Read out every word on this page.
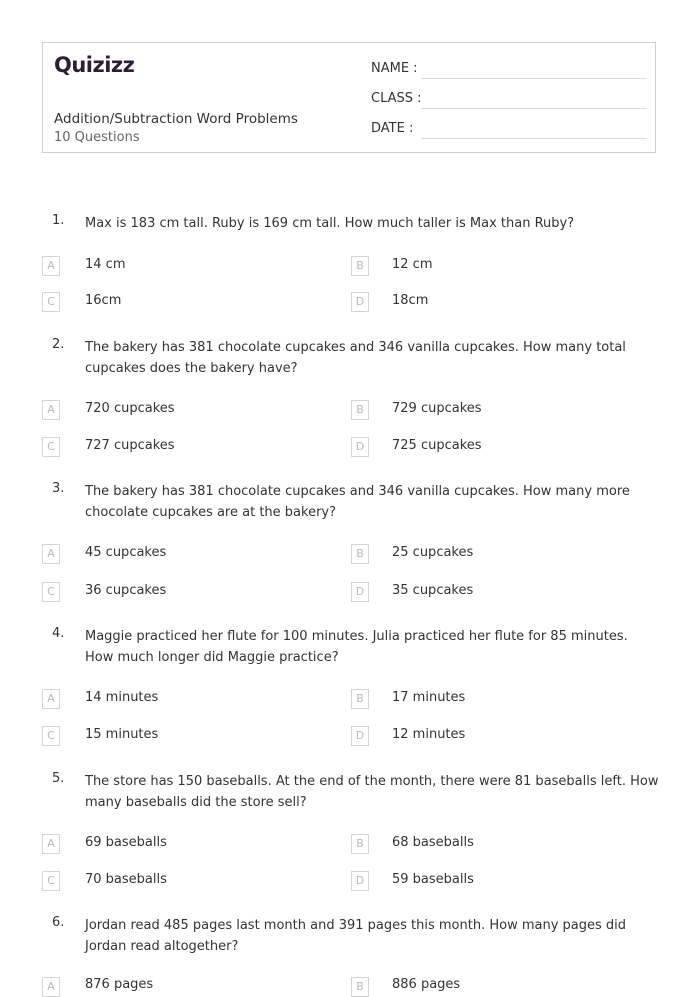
Quizizz
Addition/Subtraction Word Problems
10 Questions
NAME :
CLASS :
DATE :
1. Max is 183 cm tall. Ruby is 169 cm tall. How much taller is Max than Ruby?
A	14 cm	B	12 cm
C	16cm	D	18cm
2. The bakery has 381 chocolate cupcakes and 346 vanilla cupcakes. How many total cupcakes does the bakery have?
A	720 cupcakes	B	729 cupcakes
C	727 cupcakes	D	725 cupcakes
3. The bakery has 381 chocolate cupcakes and 346 vanilla cupcakes. How many more chocolate cupcakes are at the bakery?
A	45 cupcakes	B	25 cupcakes
C	36 cupcakes	D	35 cupcakes
4. Maggie practiced her flute for 100 minutes. Julia practiced her flute for 85 minutes. How much longer did Maggie practice?
A	14 minutes	B	17 minutes
C	15 minutes	D	12 minutes
5. The store has 150 baseballs. At the end of the month, there were 81 baseballs left. How many baseballs did the store sell?
A	69 baseballs	B	68 baseballs
C	70 baseballs	D	59 baseballs
6. Jordan read 485 pages last month and 391 pages this month. How many pages did Jordan read altogether?
A	876 pages	B	886 pages
